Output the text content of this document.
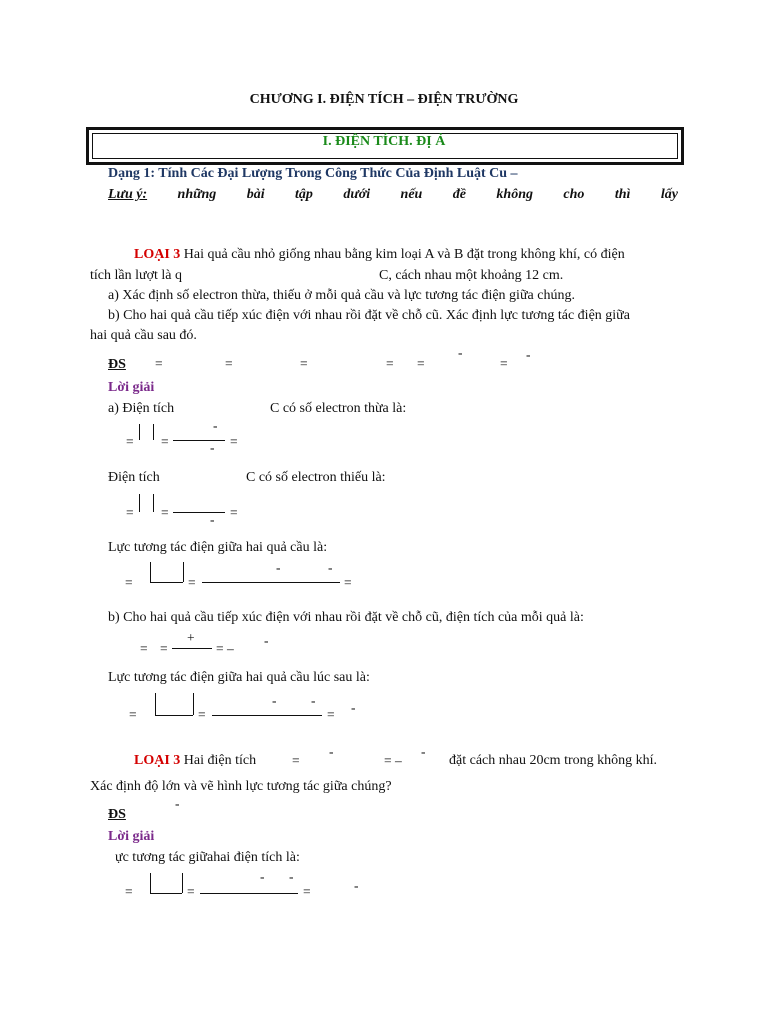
CHƯƠNG I. ĐIỆN TÍCH – ĐIỆN TRƯỜNG
I. ĐIỆN TÍCH. ĐỊ Ả
Dạng 1: Tính Các Đại Lượng Trong Công Thức Của Định Luật Cu –
Lưu ý: những bài tập dưới nếu đề không cho thì lấy
LOẠI 3 Hai quả cầu nhỏ giống nhau bằng kim loại A và B đặt trong không khí, có điện
tích lần lượt là q	C, cách nhau một khoảng 12 cm.
a) Xác định số electron thừa, thiếu ở mỗi quả cầu và lực tương tác điện giữa chúng.
b) Cho hai quả cầu tiếp xúc điện với nhau rồi đặt về chỗ cũ. Xác định lực tương tác điện giữa
hai quả cầu sau đó.
ĐS =	=	=	= =
-
=
-
Lời giải
a) Điện tích	C có số electron thừa là:
= =
-
- =
Điện tích	C có số electron thiếu là:
= =	- =
Lực tương tác điện giữa hai quả cầu là:
=	=
-	-
=
b) Cho hai quả cầu tiếp xúc điện với nhau rồi đặt về chỗ cũ, điện tích của mỗi quả là:
= =
+
= –
-
Lực tương tác điện giữa hai quả cầu lúc sau là:
=	=
-	-
= -
LOẠI 3 Hai điện tích	=
-
= –
-
đặt cách nhau 20cm trong không khí.
Xác định độ lớn và vẽ hình lực tương tác giữa chúng?
ĐS
-
Lời giải
ực tương tác giữahai điện tích là:
=	=
- -
=	-
